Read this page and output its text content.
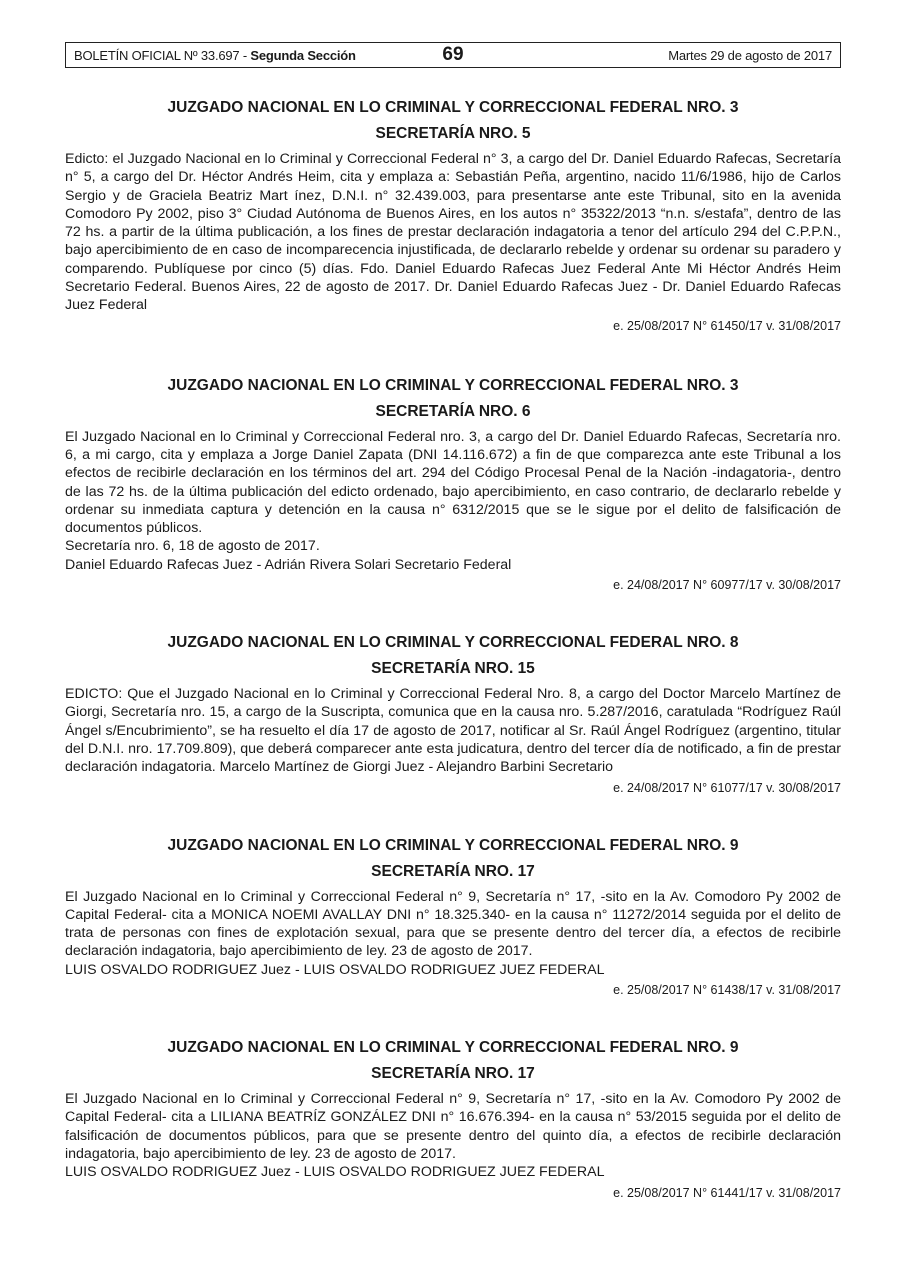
BOLETÍN OFICIAL Nº 33.697 - Segunda Sección	69	Martes 29 de agosto de 2017
JUZGADO NACIONAL EN LO CRIMINAL Y CORRECCIONAL FEDERAL NRO. 3
SECRETARÍA NRO. 5

Edicto: el Juzgado Nacional en lo Criminal y Correccional Federal n° 3, a cargo del Dr. Daniel Eduardo Rafecas, Secretaría n° 5, a cargo del Dr. Héctor Andrés Heim, cita y emplaza a: Sebastián Peña, argentino, nacido 11/6/1986, hijo de Carlos Sergio y de Graciela Beatriz Mart ínez, D.N.I. n° 32.439.003, para presentarse ante este Tribunal, sito en la avenida Comodoro Py 2002, piso 3° Ciudad Autónoma de Buenos Aires, en los autos n° 35322/2013 “n.n. s/estafa”, dentro de las 72 hs. a partir de la última publicación, a los fines de prestar declaración indagatoria a tenor del artículo 294 del C.P.P.N., bajo apercibimiento de en caso de incomparecencia injustificada, de declararlo rebelde y ordenar su ordenar su paradero y comparendo. Publíquese por cinco (5) días. Fdo. Daniel Eduardo Rafecas Juez Federal Ante Mi Héctor Andrés Heim Secretario Federal. Buenos Aires, 22 de agosto de 2017. Dr. Daniel Eduardo Rafecas Juez - Dr. Daniel Eduardo Rafecas Juez Federal

e. 25/08/2017 N° 61450/17 v. 31/08/2017
JUZGADO NACIONAL EN LO CRIMINAL Y CORRECCIONAL FEDERAL NRO. 3
SECRETARÍA NRO. 6

El Juzgado Nacional en lo Criminal y Correccional Federal nro. 3, a cargo del Dr. Daniel Eduardo Rafecas, Secretaría nro. 6, a mi cargo, cita y emplaza a Jorge Daniel Zapata (DNI 14.116.672) a fin de que comparezca ante este Tribunal a los efectos de recibirle declaración en los términos del art. 294 del Código Procesal Penal de la Nación -indagatoria-, dentro de las 72 hs. de la última publicación del edicto ordenado, bajo apercibimiento, en caso contrario, de declararlo rebelde y ordenar su inmediata captura y detención en la causa n° 6312/2015 que se le sigue por el delito de falsificación de documentos públicos.

Secretaría nro. 6, 18 de agosto de 2017.

Daniel Eduardo Rafecas Juez - Adrián Rivera Solari Secretario Federal

e. 24/08/2017 N° 60977/17 v. 30/08/2017
JUZGADO NACIONAL EN LO CRIMINAL Y CORRECCIONAL FEDERAL NRO. 8
SECRETARÍA NRO. 15

EDICTO: Que el Juzgado Nacional en lo Criminal y Correccional Federal Nro. 8, a cargo del Doctor Marcelo Martínez de Giorgi, Secretaría nro. 15, a cargo de la Suscripta, comunica que en la causa nro. 5.287/2016, caratulada “Rodríguez Raúl Ángel s/Encubrimiento”, se ha resuelto el día 17 de agosto de 2017, notificar al Sr. Raúl Ángel Rodríguez (argentino, titular del D.N.I. nro. 17.709.809), que deberá comparecer ante esta judicatura, dentro del tercer día de notificado, a fin de prestar declaración indagatoria. Marcelo Martínez de Giorgi Juez - Alejandro Barbini Secretario

e. 24/08/2017 N° 61077/17 v. 30/08/2017
JUZGADO NACIONAL EN LO CRIMINAL Y CORRECCIONAL FEDERAL NRO. 9
SECRETARÍA NRO. 17

El Juzgado Nacional en lo Criminal y Correccional Federal n° 9, Secretaría n° 17, -sito en la Av. Comodoro Py 2002 de Capital Federal- cita a MONICA NOEMI AVALLAY DNI n° 18.325.340- en la causa n° 11272/2014 seguida por el delito de trata de personas con fines de explotación sexual, para que se presente dentro del tercer día, a efectos de recibirle declaración indagatoria, bajo apercibimiento de ley. 23 de agosto de 2017.

LUIS OSVALDO RODRIGUEZ Juez - LUIS OSVALDO RODRIGUEZ JUEZ FEDERAL

e. 25/08/2017 N° 61438/17 v. 31/08/2017
JUZGADO NACIONAL EN LO CRIMINAL Y CORRECCIONAL FEDERAL NRO. 9
SECRETARÍA NRO. 17

El Juzgado Nacional en lo Criminal y Correccional Federal n° 9, Secretaría n° 17, -sito en la Av. Comodoro Py 2002 de Capital Federal- cita a LILIANA BEATRÍZ GONZÁLEZ DNI n° 16.676.394- en la causa n° 53/2015 seguida por el delito de falsificación de documentos públicos, para que se presente dentro del quinto día, a efectos de recibirle declaración indagatoria, bajo apercibimiento de ley. 23 de agosto de 2017.

LUIS OSVALDO RODRIGUEZ Juez - LUIS OSVALDO RODRIGUEZ JUEZ FEDERAL

e. 25/08/2017 N° 61441/17 v. 31/08/2017
